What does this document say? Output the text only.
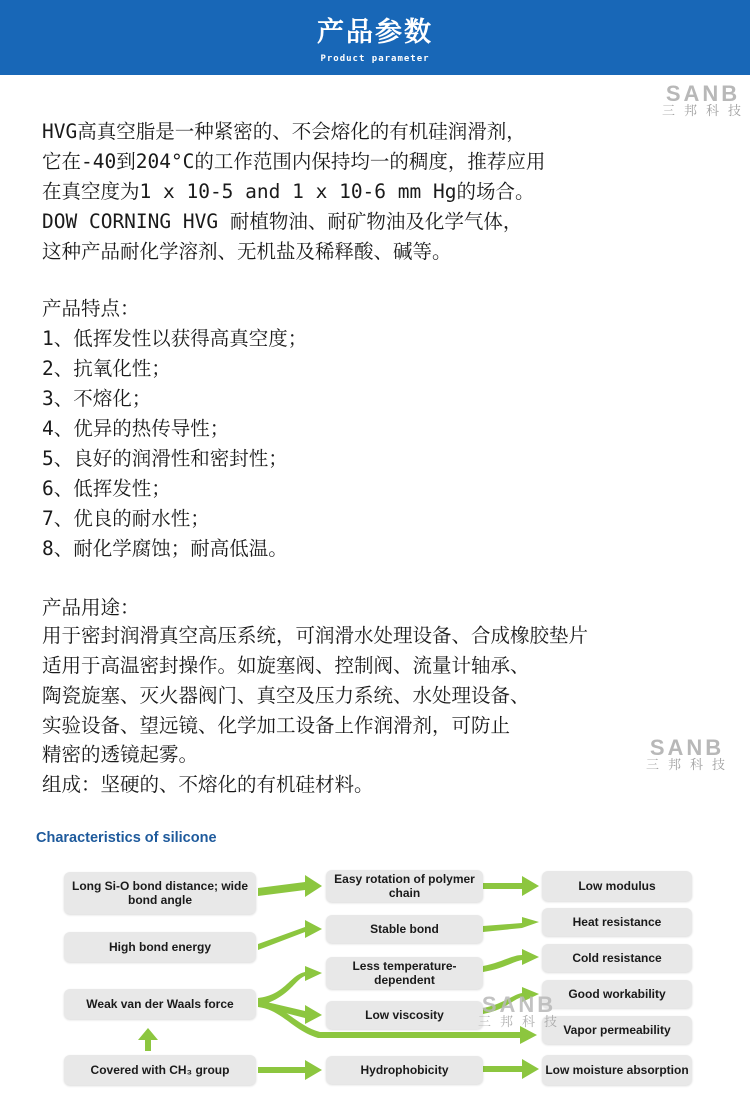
产品参数
Product parameter
SANB
三邦科技
SANB
三邦科技
HVG高真空脂是一种紧密的、不会熔化的有机硅润滑剂，
它在-40到204°C的工作范围内保持均一的稠度，推荐应用
在真空度为1 x 10-5 and 1 x 10-6 mm Hg的场合。
DOW CORNING HVG 耐植物油、耐矿物油及化学气体，
这种产品耐化学溶剂、无机盐及稀释酸、碱等。
产品特点：
1、低挥发性以获得高真空度；
2、抗氧化性；
3、不熔化；
4、优异的热传导性；
5、良好的润滑性和密封性；
6、低挥发性；
7、优良的耐水性；
8、耐化学腐蚀；耐高低温。
产品用途：
用于密封润滑真空高压系统，可润滑水处理设备、合成橡胶垫片
适用于高温密封操作。如旋塞阀、控制阀、流量计轴承、
陶瓷旋塞、灭火器阀门、真空及压力系统、水处理设备、
实验设备、望远镜、化学加工设备上作润滑剂，可防止
精密的透镜起雾。
组成：坚硬的、不熔化的有机硅材料。
Characteristics of silicone
Long Si-O bond distance; wide bond angle
High bond energy
Weak van der Waals force
Covered with CH₃ group
Easy rotation of polymer chain
Stable bond
Less temperature-dependent
Low viscosity
Hydrophobicity
Low modulus
Heat resistance
Cold resistance
Good workability
Vapor permeability
Low moisture absorption
SANB
三邦科技
